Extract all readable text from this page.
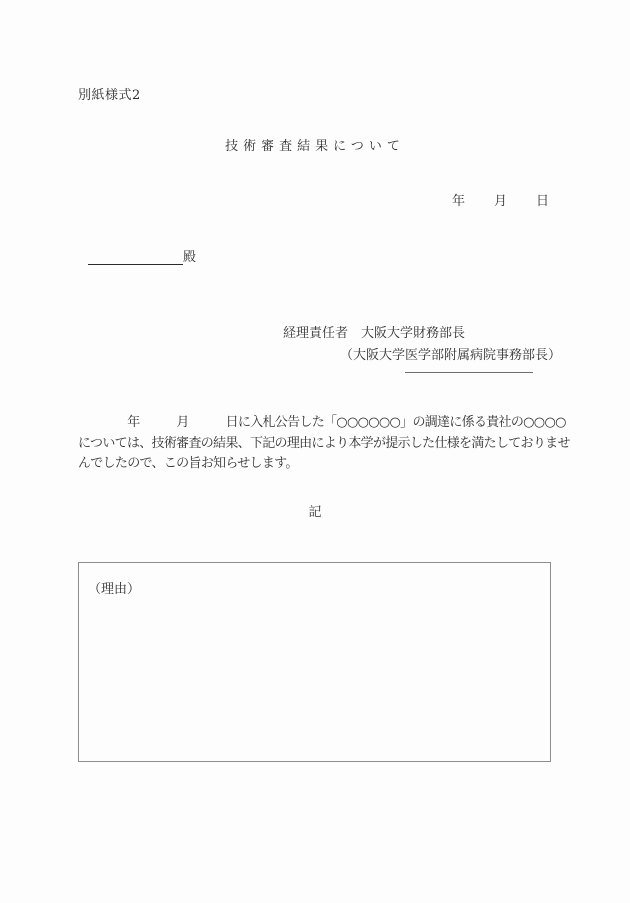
別紙様式2
技術審査結果について
年　　月　　日
殿
経理責任者　大阪大学財務部長
（大阪大学医学部附属病院事務部長）
　　　　年　　　月　　　日に入札公告した「○○○○○○」の調達に係る貴社の○○○○
については、技術審査の結果、下記の理由により本学が提示した仕様を満たしておりませ
んでしたので、この旨お知らせします。
記
（理由）
